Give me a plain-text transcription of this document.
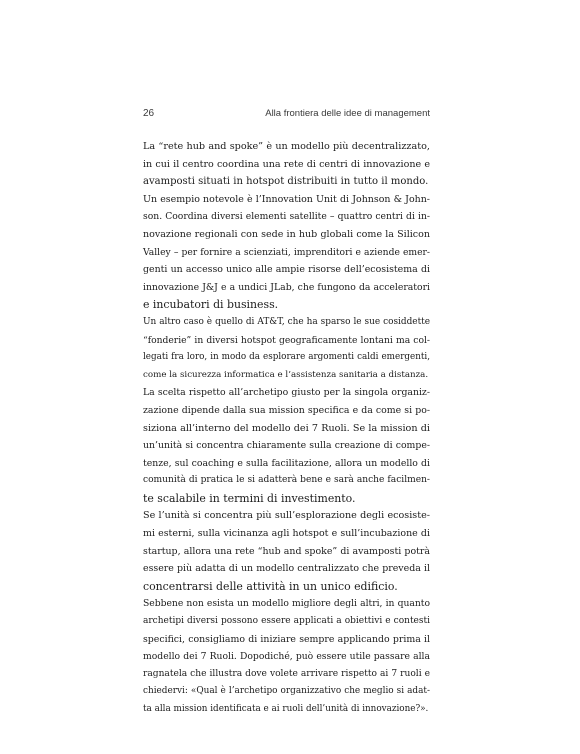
26	Alla frontiera delle idee di management
La “rete hub and spoke” è un modello più decentralizzato,
in cui il centro coordina una rete di centri di innovazione e
avamposti situati in hotspot distribuiti in tutto il mondo.
Un esempio notevole è l’Innovation Unit di Johnson & John-
son. Coordina diversi elementi satellite – quattro centri di in-
novazione regionali con sede in hub globali come la Silicon
Valley – per fornire a scienziati, imprenditori e aziende emer-
genti un accesso unico alle ampie risorse dell’ecosistema di
innovazione J&J e a undici JLab, che fungono da acceleratori
e incubatori di business.
Un altro caso è quello di AT&T, che ha sparso le sue cosiddette
“fonderie” in diversi hotspot geograficamente lontani ma col-
legati fra loro, in modo da esplorare argomenti caldi emergenti,
come la sicurezza informatica e l’assistenza sanitaria a distanza.
La scelta rispetto all’archetipo giusto per la singola organiz-
zazione dipende dalla sua mission specifica e da come si po-
siziona all’interno del modello dei 7 Ruoli. Se la mission di
un’unità si concentra chiaramente sulla creazione di compe-
tenze, sul coaching e sulla facilitazione, allora un modello di
comunità di pratica le si adatterà bene e sarà anche facilmen-
te scalabile in termini di investimento.
Se l’unità si concentra più sull’esplorazione degli ecosiste-
mi esterni, sulla vicinanza agli hotspot e sull’incubazione di
startup, allora una rete “hub and spoke” di avamposti potrà
essere più adatta di un modello centralizzato che preveda il
concentrarsi delle attività in un unico edificio.
Sebbene non esista un modello migliore degli altri, in quanto
archetipi diversi possono essere applicati a obiettivi e contesti
specifici, consigliamo di iniziare sempre applicando prima il
modello dei 7 Ruoli. Dopodiché, può essere utile passare alla
ragnatela che illustra dove volete arrivare rispetto ai 7 ruoli e
chiedervi: «Qual è l’archetipo organizzativo che meglio si adat-
ta alla mission identificata e ai ruoli dell’unità di innovazione?».
